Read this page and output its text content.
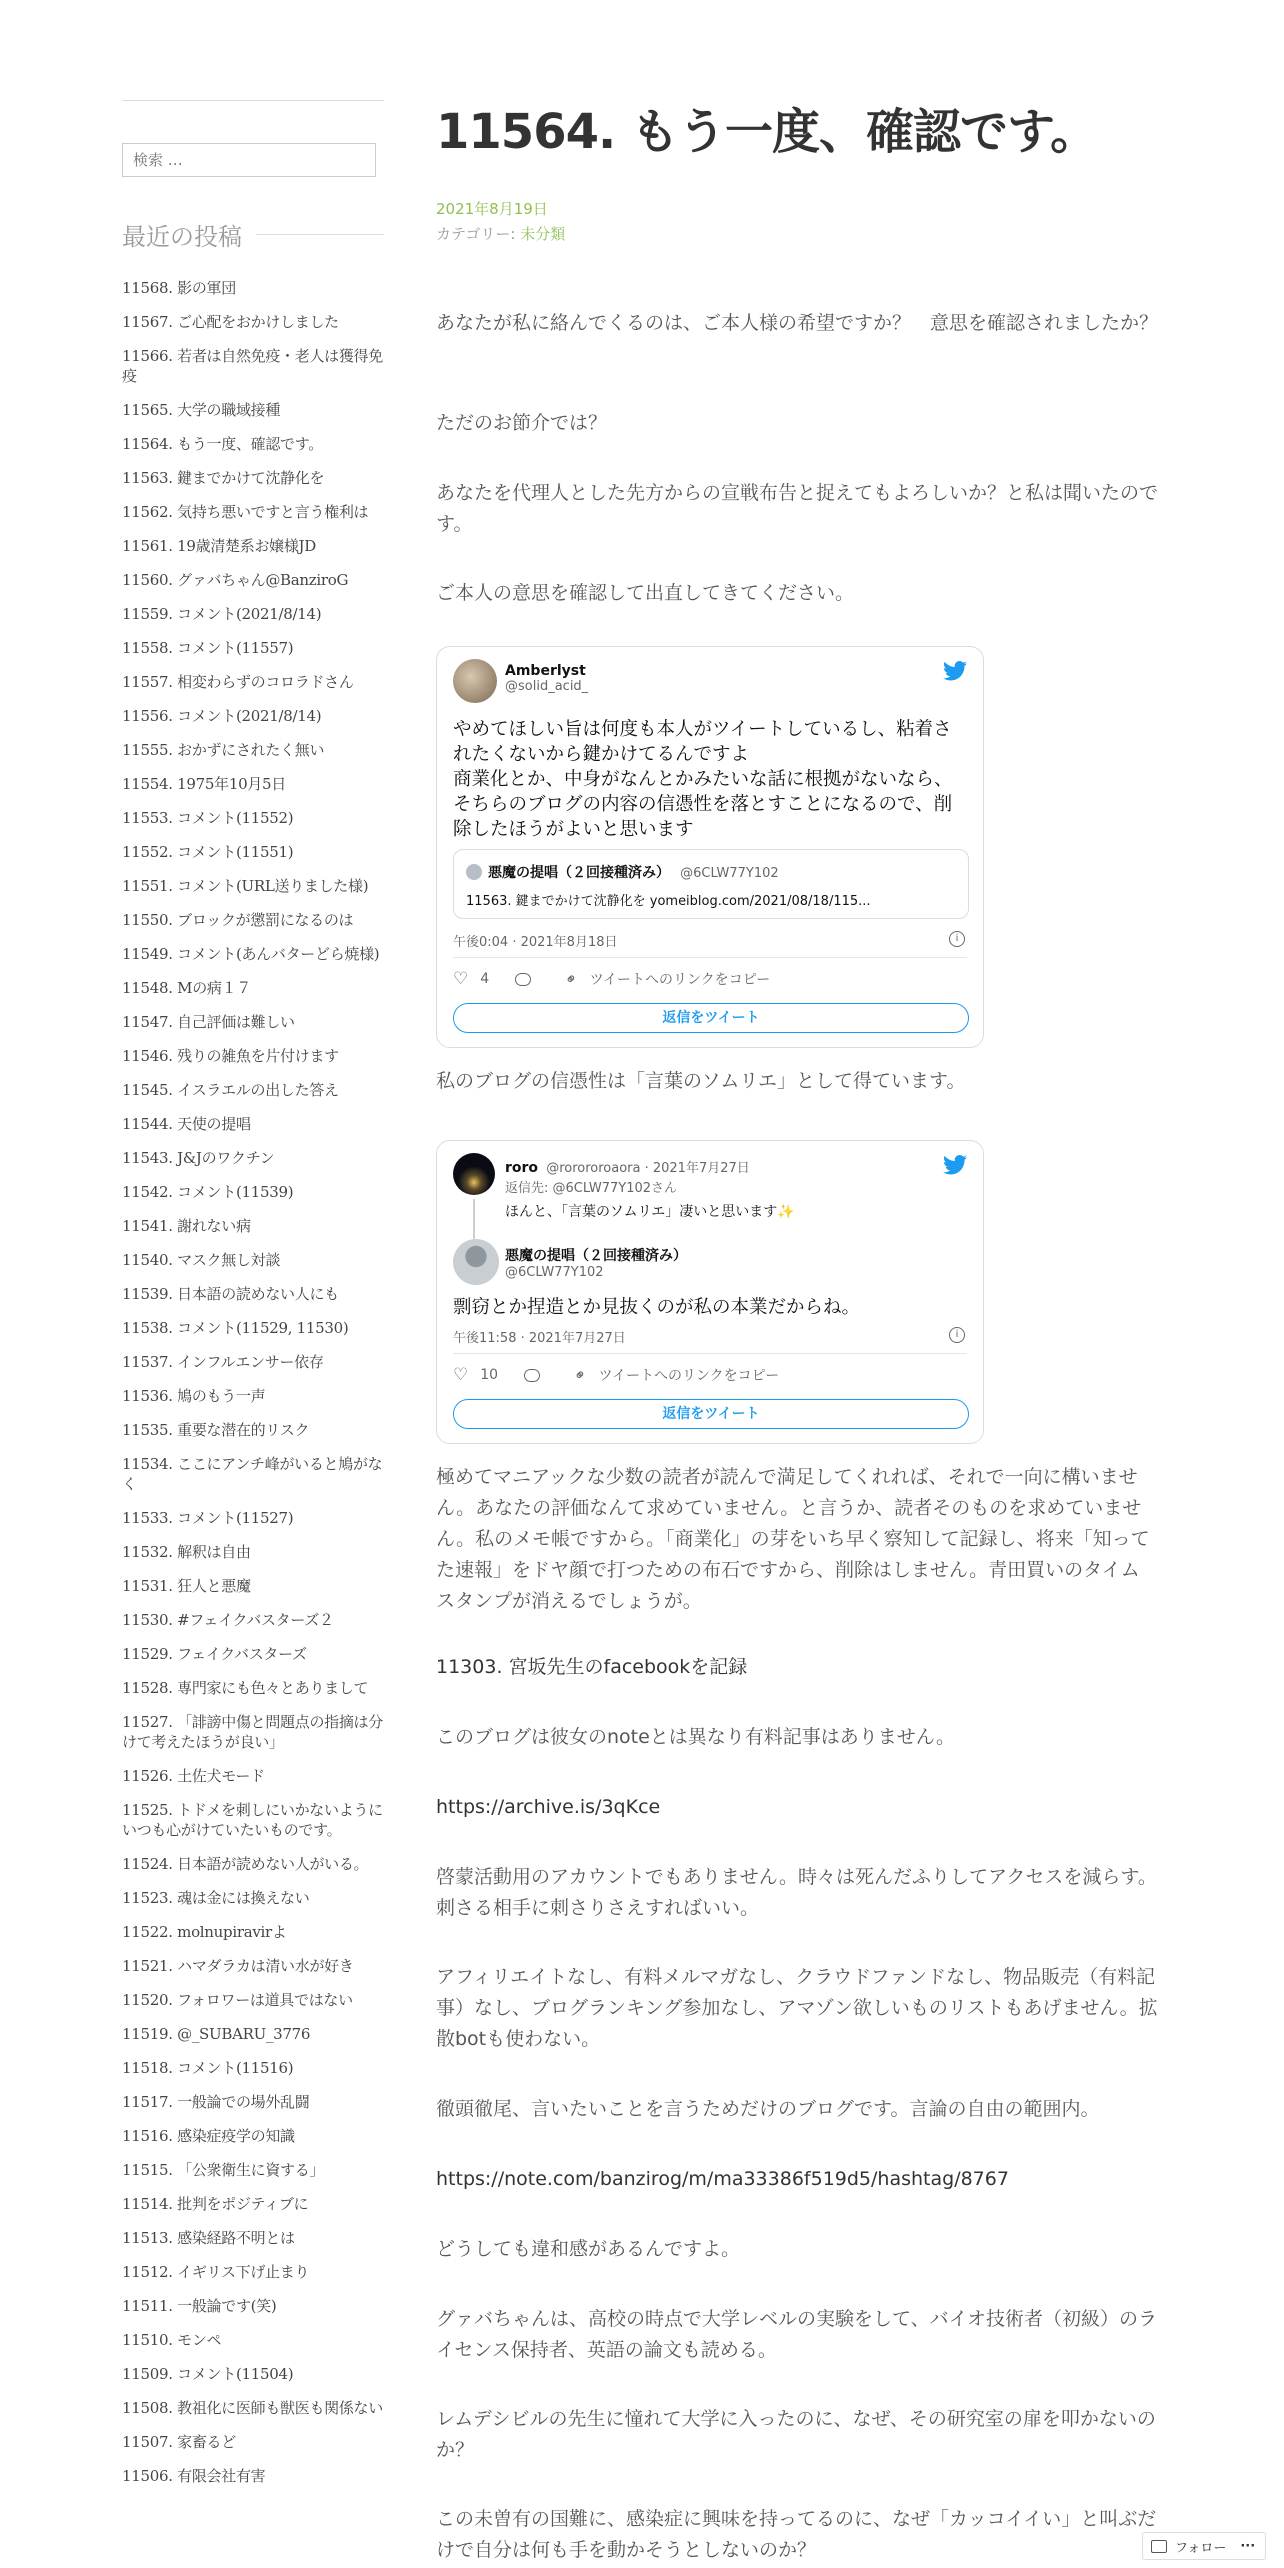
検索 …
最近の投稿
11568. 影の軍団
11567. ご心配をおかけしました
11566. 若者は自然免疫・老人は獲得免疫
11565. 大学の職域接種
11564. もう一度、確認です。
11563. 鍵までかけて沈静化を
11562. 気持ち悪いですと言う権利は
11561. 19歳清楚系お嬢様JD
11560. グァバちゃん@BanziroG
11559. コメント(2021/8/14)
11558. コメント(11557)
11557. 相変わらずのコロラドさん
11556. コメント(2021/8/14)
11555. おかずにされたく無い
11554. 1975年10月5日
11553. コメント(11552)
11552. コメント(11551)
11551. コメント(URL送りました様)
11550. ブロックが懲罰になるのは
11549. コメント(あんバターどら焼様)
11548. Mの病１７
11547. 自己評価は難しい
11546. 残りの雑魚を片付けます
11545. イスラエルの出した答え
11544. 天使の提唱
11543. J&Jのワクチン
11542. コメント(11539)
11541. 謝れない病
11540. マスク無し対談
11539. 日本語の読めない人にも
11538. コメント(11529, 11530)
11537. インフルエンサー依存
11536. 鳩のもう一声
11535. 重要な潜在的リスク
11534. ここにアンチ峰がいると鳩がなく
11533. コメント(11527)
11532. 解釈は自由
11531. 狂人と悪魔
11530. #フェイクバスターズ２
11529. フェイクバスターズ
11528. 専門家にも色々とありまして
11527. 「誹謗中傷と問題点の指摘は分けて考えたほうが良い」
11526. 土佐犬モード
11525. トドメを刺しにいかないようにいつも心がけていたいものです。
11524. 日本語が読めない人がいる。
11523. 魂は金には換えない
11522. molnupiravirよ
11521. ハマダラカは清い水が好き
11520. フォロワーは道具ではない
11519. @_SUBARU_3776
11518. コメント(11516)
11517. 一般論での場外乱闘
11516. 感染症疫学の知識
11515. 「公衆衛生に資する」
11514. 批判をポジティブに
11513. 感染経路不明とは
11512. イギリス下げ止まり
11511. 一般論です(笑)
11510. モンペ
11509. コメント(11504)
11508. 教祖化に医師も獣医も関係ない
11507. 家畜るど
11506. 有限会社有害
11564. もう一度、確認です。
2021年8月19日
カテゴリー: 未分類

あなたが私に絡んでくるのは、ご本人様の希望ですか？　意思を確認されましたか？

ただのお節介では？

あなたを代理人とした先方からの宣戦布告と捉えてもよろしいか？と私は聞いたのです。

ご本人の意思を確認して出直してきてください。

Amberlyst
@solid_acid_
やめてほしい旨は何度も本人がツイートしているし、粘着されたくないから鍵かけてるんですよ
商業化とか、中身がなんとかみたいな話に根拠がないなら、そちらのブログの内容の信憑性を落とすことになるので、削除したほうがよいと思います
悪魔の提唱（２回接種済み） @6CLW77Y102
11563. 鍵までかけて沈静化を yomeiblog.com/2021/08/18/115...
午後0:04 · 2021年8月18日	i
♡ 4	⚭ ツイートへのリンクをコピー
返信をツイート

私のブログの信憑性は「言葉のソムリエ」として得ています。

roro @rorororoaora · 2021年7月27日
返信先: @6CLW77Y102さん
ほんと、「言葉のソムリエ」凄いと思います✨
悪魔の提唱（２回接種済み）
@6CLW77Y102
剽窃とか捏造とか見抜くのが私の本業だからね。
午後11:58 · 2021年7月27日	i
♡ 10	⚭ ツイートへのリンクをコピー
返信をツイート

極めてマニアックな少数の読者が読んで満足してくれれば、それで一向に構いません。あなたの評価なんて求めていません。と言うか、読者そのものを求めていません。私のメモ帳ですから。「商業化」の芽をいち早く察知して記録し、将来「知ってた速報」をドヤ顔で打つための布石ですから、削除はしません。青田買いのタイムスタンプが消えるでしょうが。

11303. 宮坂先生のfacebookを記録

このブログは彼女のnoteとは異なり有料記事はありません。

https://archive.is/3qKce

啓蒙活動用のアカウントでもありません。時々は死んだふりしてアクセスを減らす。刺さる相手に刺さりさえすればいい。

アフィリエイトなし、有料メルマガなし、クラウドファンドなし、物品販売（有料記事）なし、ブログランキング参加なし、アマゾン欲しいものリストもあげません。拡散botも使わない。

徹頭徹尾、言いたいことを言うためだけのブログです。言論の自由の範囲内。

https://note.com/banzirog/m/ma33386f519d5/hashtag/8767

どうしても違和感があるんですよ。

グァバちゃんは、高校の時点で大学レベルの実験をして、バイオ技術者（初級）のライセンス保持者、英語の論文も読める。

レムデシビルの先生に憧れて大学に入ったのに、なぜ、その研究室の扉を叩かないのか？

この未曽有の国難に、感染症に興味を持ってるのに、なぜ「カッコイイい」と叫ぶだけで自分は何も手を動かそうとしないのか？	フォロー ···
